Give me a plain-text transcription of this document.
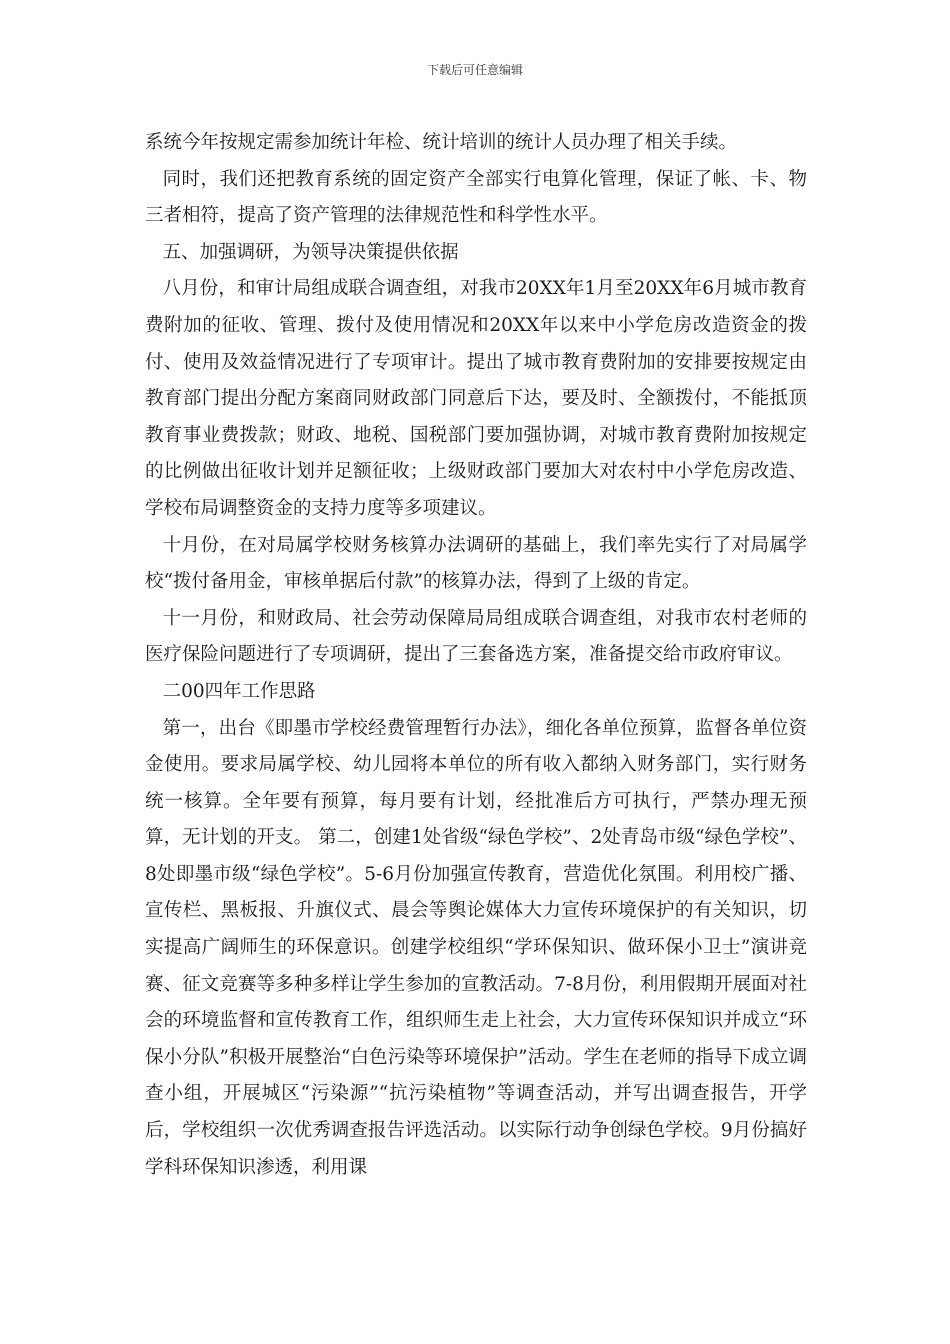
下载后可任意编辑

系统今年按规定需参加统计年检、统计培训的统计人员办理了相关手续。

同时，我们还把教育系统的固定资产全部实行电算化管理，保证了帐、卡、物三者相符，提高了资产管理的法律规范性和科学性水平。

五、加强调研，为领导决策提供依据

八月份，和审计局组成联合调查组，对我市20XX年1月至20XX年6月城市教育费附加的征收、管理、拨付及使用情况和20XX年以来中小学危房改造资金的拨付、使用及效益情况进行了专项审计。提出了城市教育费附加的安排要按规定由教育部门提出分配方案商同财政部门同意后下达，要及时、全额拨付，不能抵顶教育事业费拨款；财政、地税、国税部门要加强协调，对城市教育费附加按规定的比例做出征收计划并足额征收；上级财政部门要加大对农村中小学危房改造、学校布局调整资金的支持力度等多项建议。

十月份，在对局属学校财务核算办法调研的基础上，我们率先实行了对局属学校“拨付备用金，审核单据后付款”的核算办法，得到了上级的肯定。

十一月份，和财政局、社会劳动保障局局组成联合调查组，对我市农村老师的医疗保险问题进行了专项调研，提出了三套备选方案，准备提交给市政府审议。

二00四年工作思路

第一，出台《即墨市学校经费管理暂行办法》，细化各单位预算，监督各单位资金使用。要求局属学校、幼儿园将本单位的所有收入都纳入财务部门，实行财务统一核算。全年要有预算，每月要有计划，经批准后方可执行，严禁办理无预算，无计划的开支。 第二，创建1处省级“绿色学校”、2处青岛市级“绿色学校”、8处即墨市级“绿色学校”。5-6月份加强宣传教育，营造优化氛围。利用校广播、宣传栏、黑板报、升旗仪式、晨会等舆论媒体大力宣传环境保护的有关知识，切实提高广阔师生的环保意识。创建学校组织“学环保知识、做环保小卫士”演讲竞赛、征文竞赛等多种多样让学生参加的宣教活动。7-8月份，利用假期开展面对社会的环境监督和宣传教育工作，组织师生走上社会，大力宣传环保知识并成立“环保小分队”积极开展整治“白色污染等环境保护”活动。学生在老师的指导下成立调查小组，开展城区“污染源”“抗污染植物”等调查活动，并写出调查报告，开学后，学校组织一次优秀调查报告评选活动。以实际行动争创绿色学校。9月份搞好学科环保知识渗透，利用课
